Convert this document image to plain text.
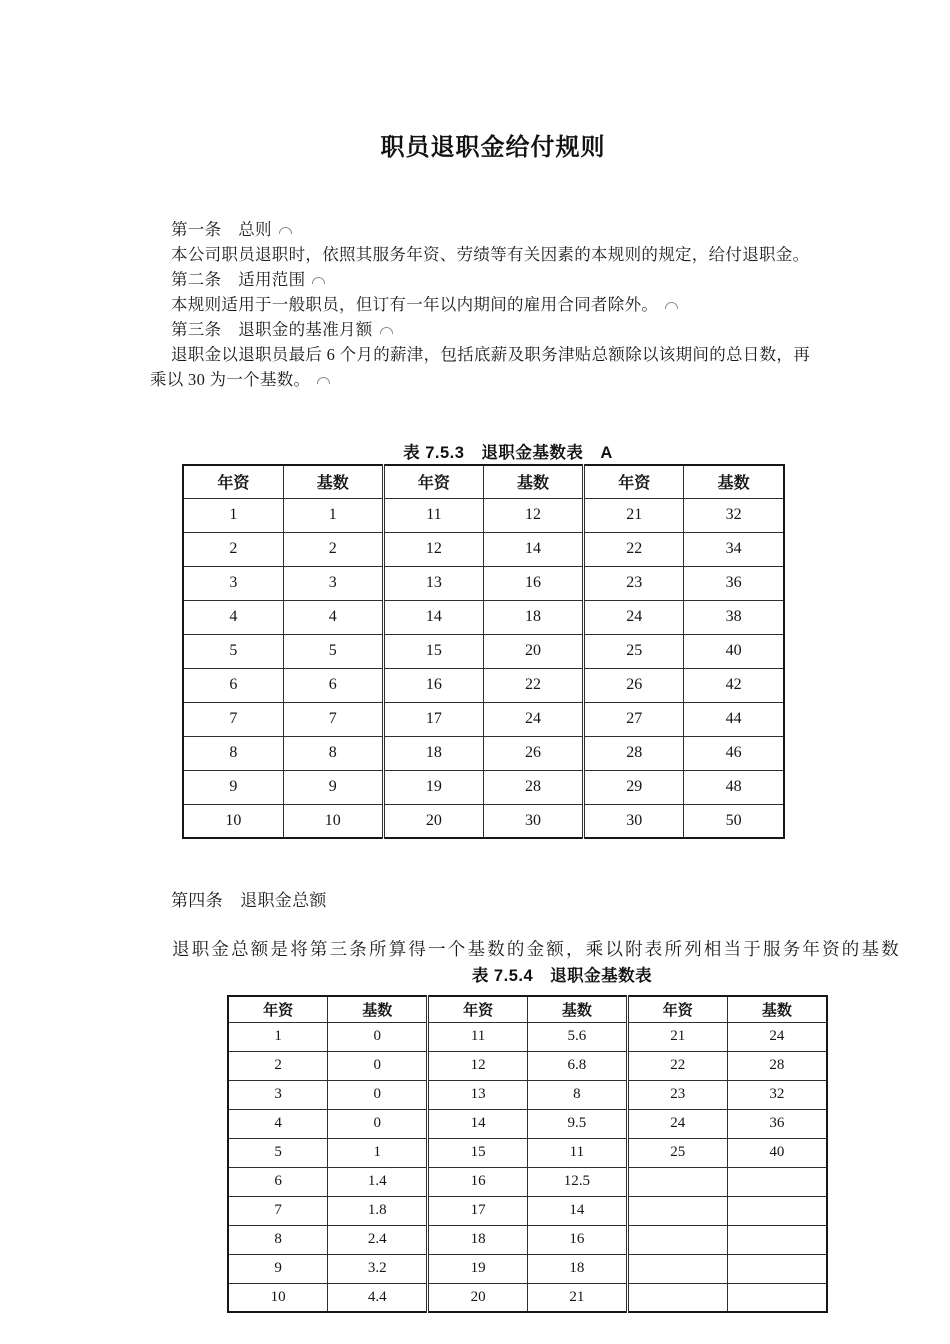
职员退职金给付规则
第一条　总则
本公司职员退职时，依照其服务年资、劳绩等有关因素的本规则的规定，给付退职金。
第二条　适用范围
本规则适用于一般职员，但订有一年以内期间的雇用合同者除外。
第三条　退职金的基准月额
退职金以退职员最后 6 个月的薪津，包括底薪及职务津贴总额除以该期间的总日数，再
乘以 30 为一个基数。
表 7.5.3　退职金基数表　A
年资	基数	年资	基数	年资	基数
1	1	11	12	21	32
2	2	12	14	22	34
3	3	13	16	23	36
4	4	14	18	24	38
5	5	15	20	25	40
6	6	16	22	26	42
7	7	17	24	27	44
8	8	18	26	28	46
9	9	19	28	29	48
10	10	20	30	30	50
第四条　退职金总额
退职金总额是将第三条所算得一个基数的金额，乘以附表所列相当于服务年资的基数
表 7.5.4　退职金基数表
年资	基数	年资	基数	年资	基数
1	0	11	5.6	21	24
2	0	12	6.8	22	28
3	0	13	8	23	32
4	0	14	9.5	24	36
5	1	15	11	25	40
6	1.4	16	12.5		
7	1.8	17	14		
8	2.4	18	16		
9	3.2	19	18		
10	4.4	20	21		
